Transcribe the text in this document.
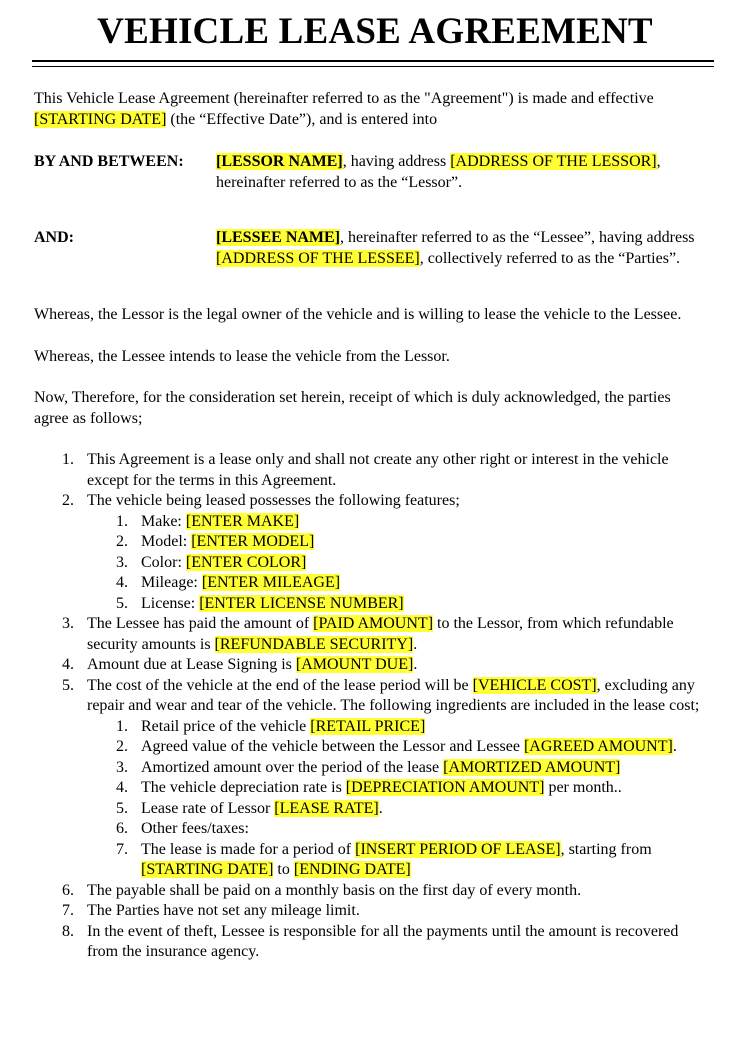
VEHICLE LEASE AGREEMENT

This Vehicle Lease Agreement (hereinafter referred to as the "Agreement") is made and effective [STARTING DATE] (the “Effective Date”), and is entered into

BY AND BETWEEN:	[LESSOR NAME], having address [ADDRESS OF THE LESSOR], hereinafter referred to as the “Lessor”.
AND:	[LESSEE NAME], hereinafter referred to as the “Lessee”, having address [ADDRESS OF THE LESSEE], collectively referred to as the “Parties”.

Whereas, the Lessor is the legal owner of the vehicle and is willing to lease the vehicle to the Lessee.

Whereas, the Lessee intends to lease the vehicle from the Lessor.

Now, Therefore, for the consideration set herein, receipt of which is duly acknowledged, the parties agree as follows;

1. This Agreement is a lease only and shall not create any other right or interest in the vehicle except for the terms in this Agreement.
2. The vehicle being leased possesses the following features;
1. Make: [ENTER MAKE]
2. Model: [ENTER MODEL]
3. Color: [ENTER COLOR]
4. Mileage: [ENTER MILEAGE]
5. License: [ENTER LICENSE NUMBER]
3. The Lessee has paid the amount of [PAID AMOUNT] to the Lessor, from which refundable security amounts is [REFUNDABLE SECURITY].
4. Amount due at Lease Signing is [AMOUNT DUE].
5. The cost of the vehicle at the end of the lease period will be [VEHICLE COST], excluding any repair and wear and tear of the vehicle. The following ingredients are included in the lease cost;
1. Retail price of the vehicle [RETAIL PRICE]
2. Agreed value of the vehicle between the Lessor and Lessee [AGREED AMOUNT].
3. Amortized amount over the period of the lease [AMORTIZED AMOUNT]
4. The vehicle depreciation rate is [DEPRECIATION AMOUNT] per month..
5. Lease rate of Lessor [LEASE RATE].
6. Other fees/taxes:
7. The lease is made for a period of [INSERT PERIOD OF LEASE], starting from [STARTING DATE] to [ENDING DATE]
6. The payable shall be paid on a monthly basis on the first day of every month.
7. The Parties have not set any mileage limit.
8. In the event of theft, Lessee is responsible for all the payments until the amount is recovered from the insurance agency.
